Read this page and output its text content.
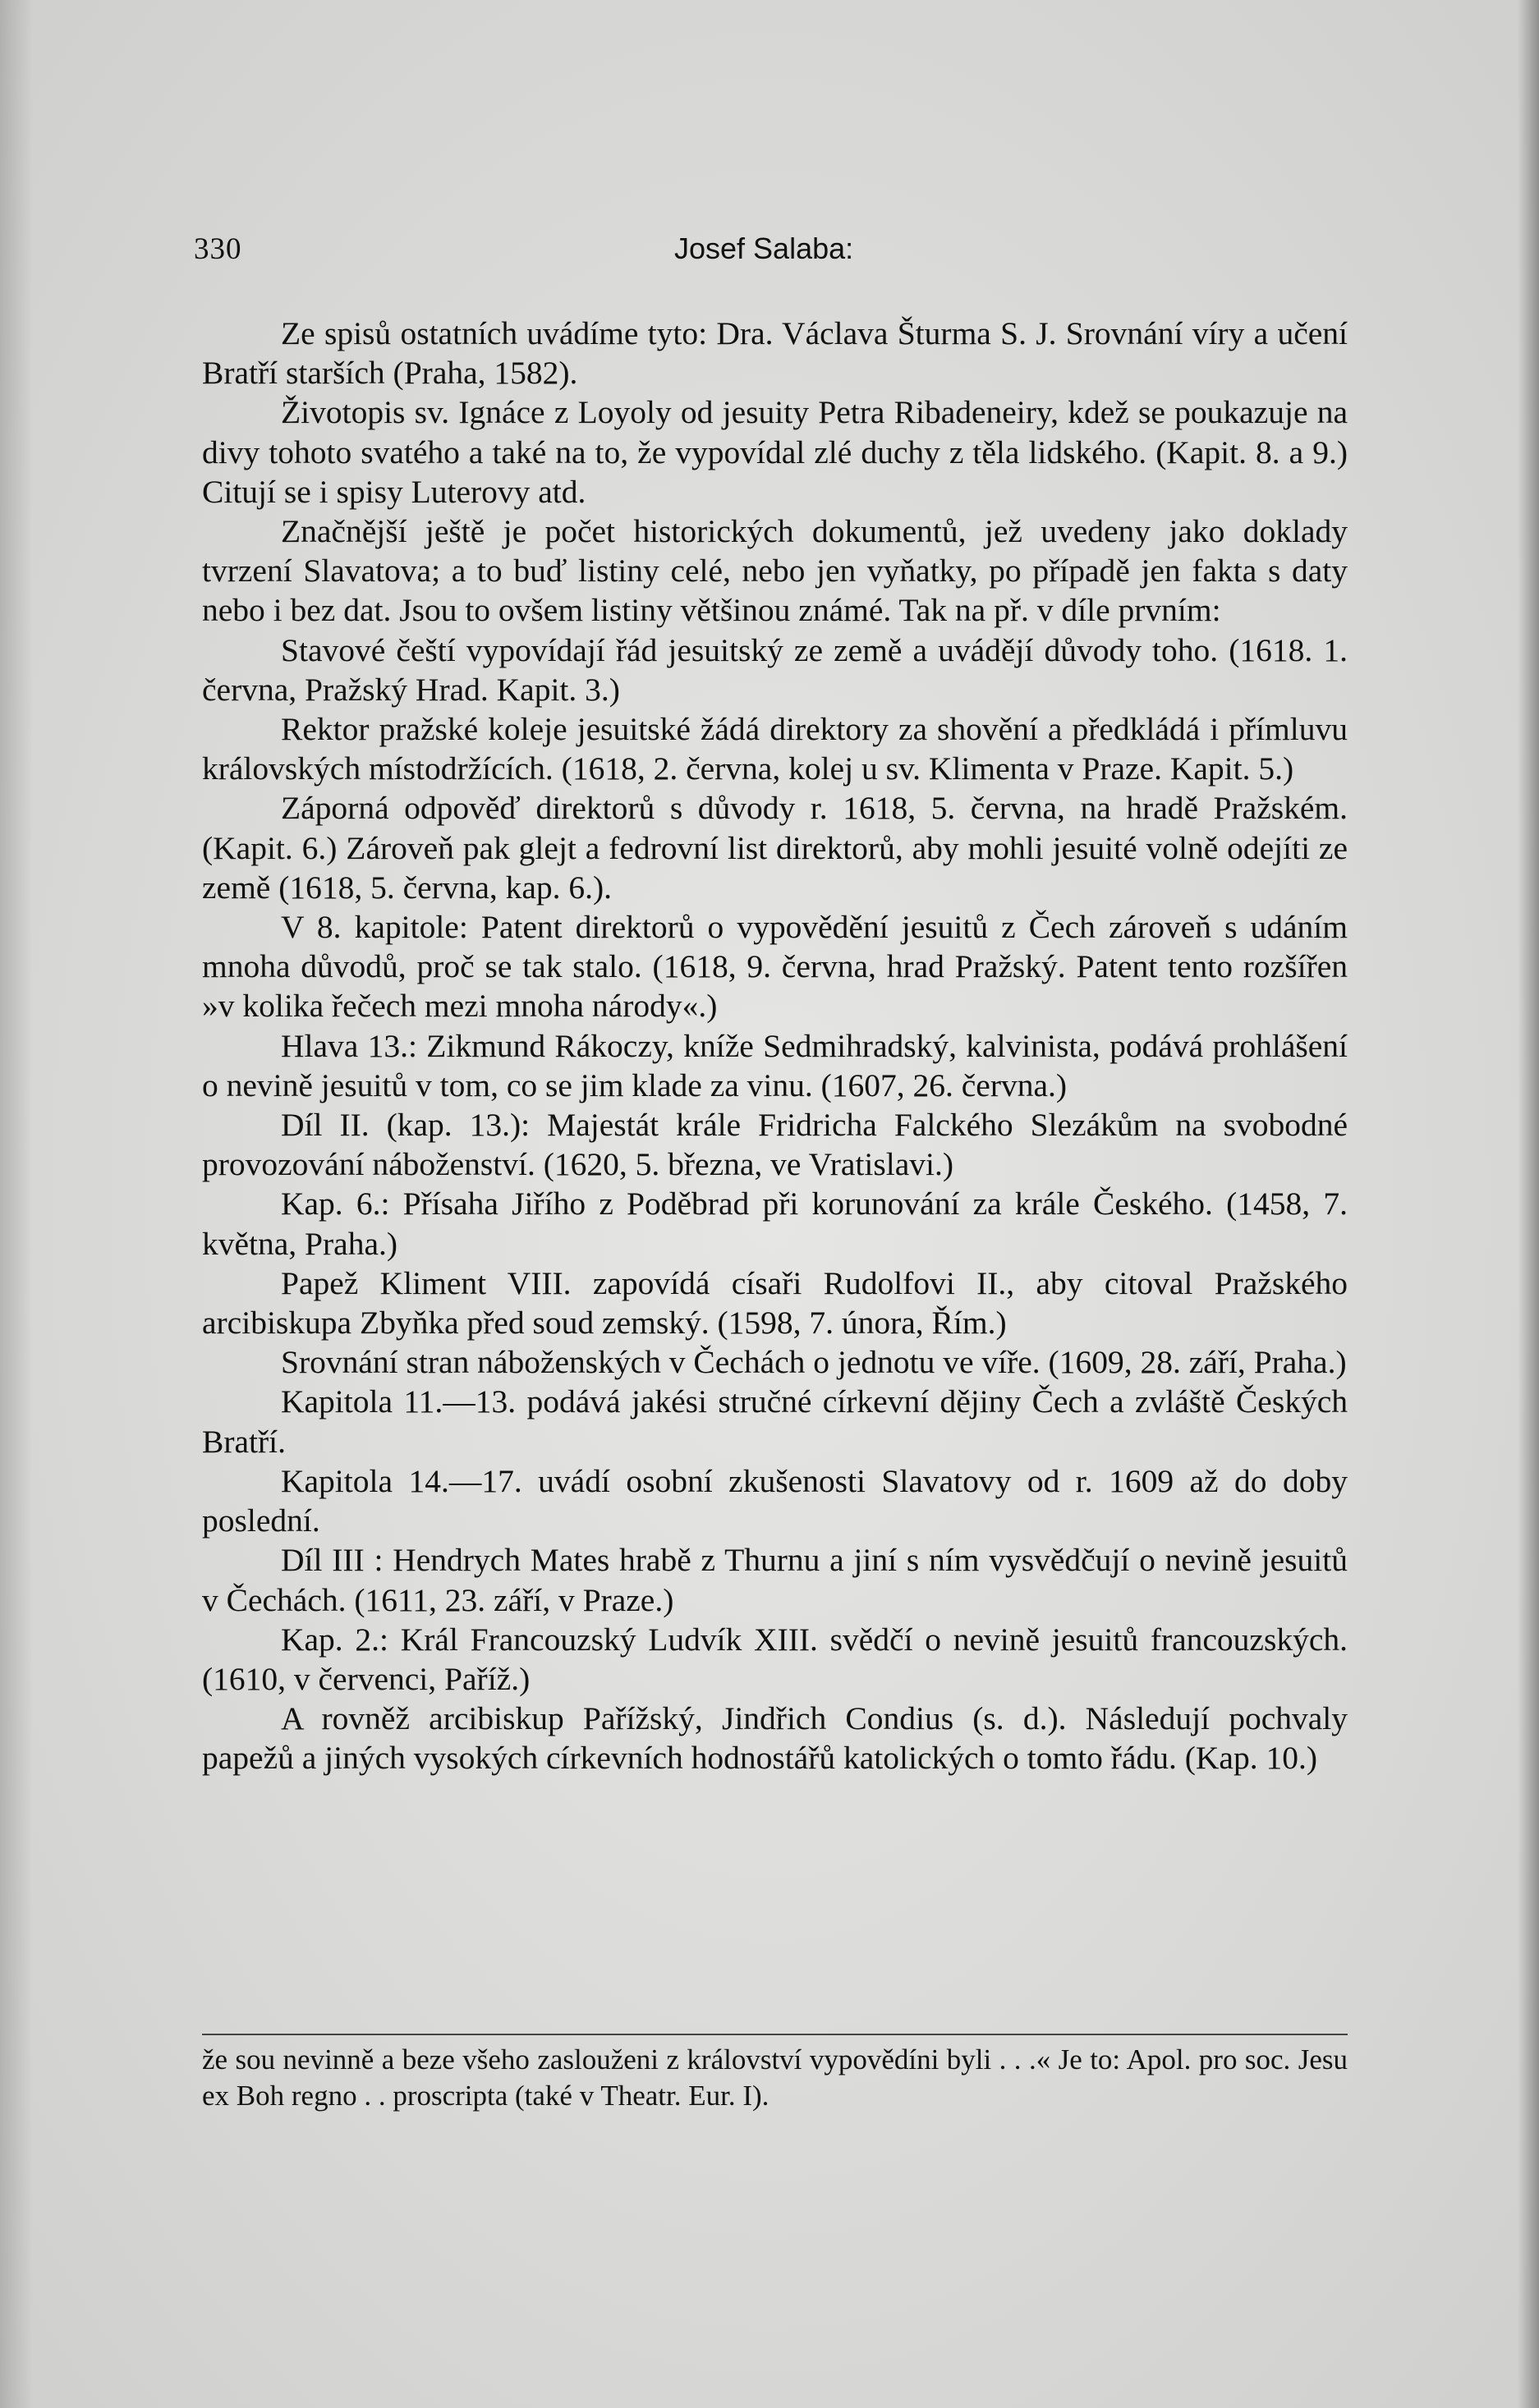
330	Josef Salaba:

Ze spisů ostatních uvádíme tyto: Dra. Václava Šturma S. J. Srovnání víry a učení Bratří starších (Praha, 1582).

Životopis sv. Ignáce z Loyoly od jesuity Petra Ribadeneiry, kdež se poukazuje na divy tohoto svatého a také na to, že vypovídal zlé duchy z těla lidského. (Kapit. 8. a 9.) Citují se i spisy Luterovy atd.

Značnější ještě je počet historických dokumentů, jež uvedeny jako doklady tvrzení Slavatova; a to buď listiny celé, nebo jen vyňatky, po případě jen fakta s daty nebo i bez dat. Jsou to ovšem listiny většinou známé. Tak na př. v díle prvním:

Stavové čeští vypovídají řád jesuitský ze země a uvádějí důvody toho. (1618. 1. června, Pražský Hrad. Kapit. 3.)

Rektor pražské koleje jesuitské žádá direktory za shovění a předkládá i přímluvu královských místodržících. (1618, 2. června, kolej u sv. Klimenta v Praze. Kapit. 5.)

Záporná odpověď direktorů s důvody r. 1618, 5. června, na hradě Pražském. (Kapit. 6.) Zároveň pak glejt a fedrovní list direktorů, aby mohli jesuité volně odejíti ze země (1618, 5. června, kap. 6.).

V 8. kapitole: Patent direktorů o vypovědění jesuitů z Čech zároveň s udáním mnoha důvodů, proč se tak stalo. (1618, 9. června, hrad Pražský. Patent tento rozšířen »v kolika řečech mezi mnoha národy«.)

Hlava 13.: Zikmund Rákoczy, kníže Sedmihradský, kalvinista, podává prohlášení o nevině jesuitů v tom, co se jim klade za vinu. (1607, 26. června.)

Díl II. (kap. 13.): Majestát krále Fridricha Falckého Slezákům na svobodné provozování náboženství. (1620, 5. března, ve Vratislavi.)

Kap. 6.: Přísaha Jiřího z Poděbrad při korunování za krále Českého. (1458, 7. května, Praha.)

Papež Kliment VIII. zapovídá císaři Rudolfovi II., aby citoval Pražského arcibiskupa Zbyňka před soud zemský. (1598, 7. února, Řím.)

Srovnání stran náboženských v Čechách o jednotu ve víře. (1609, 28. září, Praha.)

Kapitola 11.—13. podává jakési stručné církevní dějiny Čech a zvláště Českých Bratří.

Kapitola 14.—17. uvádí osobní zkušenosti Slavatovy od r. 1609 až do doby poslední.

Díl III : Hendrych Mates hrabě z Thurnu a jiní s ním vysvědčují o nevině jesuitů v Čechách. (1611, 23. září, v Praze.)

Kap. 2.: Král Francouzský Ludvík XIII. svědčí o nevině jesuitů francouzských. (1610, v červenci, Paříž.)

A rovněž arcibiskup Pařížský, Jindřich Condius (s. d.). Následují pochvaly papežů a jiných vysokých církevních hodnostářů katolických o tomto řádu. (Kap. 10.)

že sou nevinně a beze všeho zaslouženi z království vypovědíni byli . . .« Je to: Apol. pro soc. Jesu ex Boh regno . . proscripta (také v Theatr. Eur. I).
